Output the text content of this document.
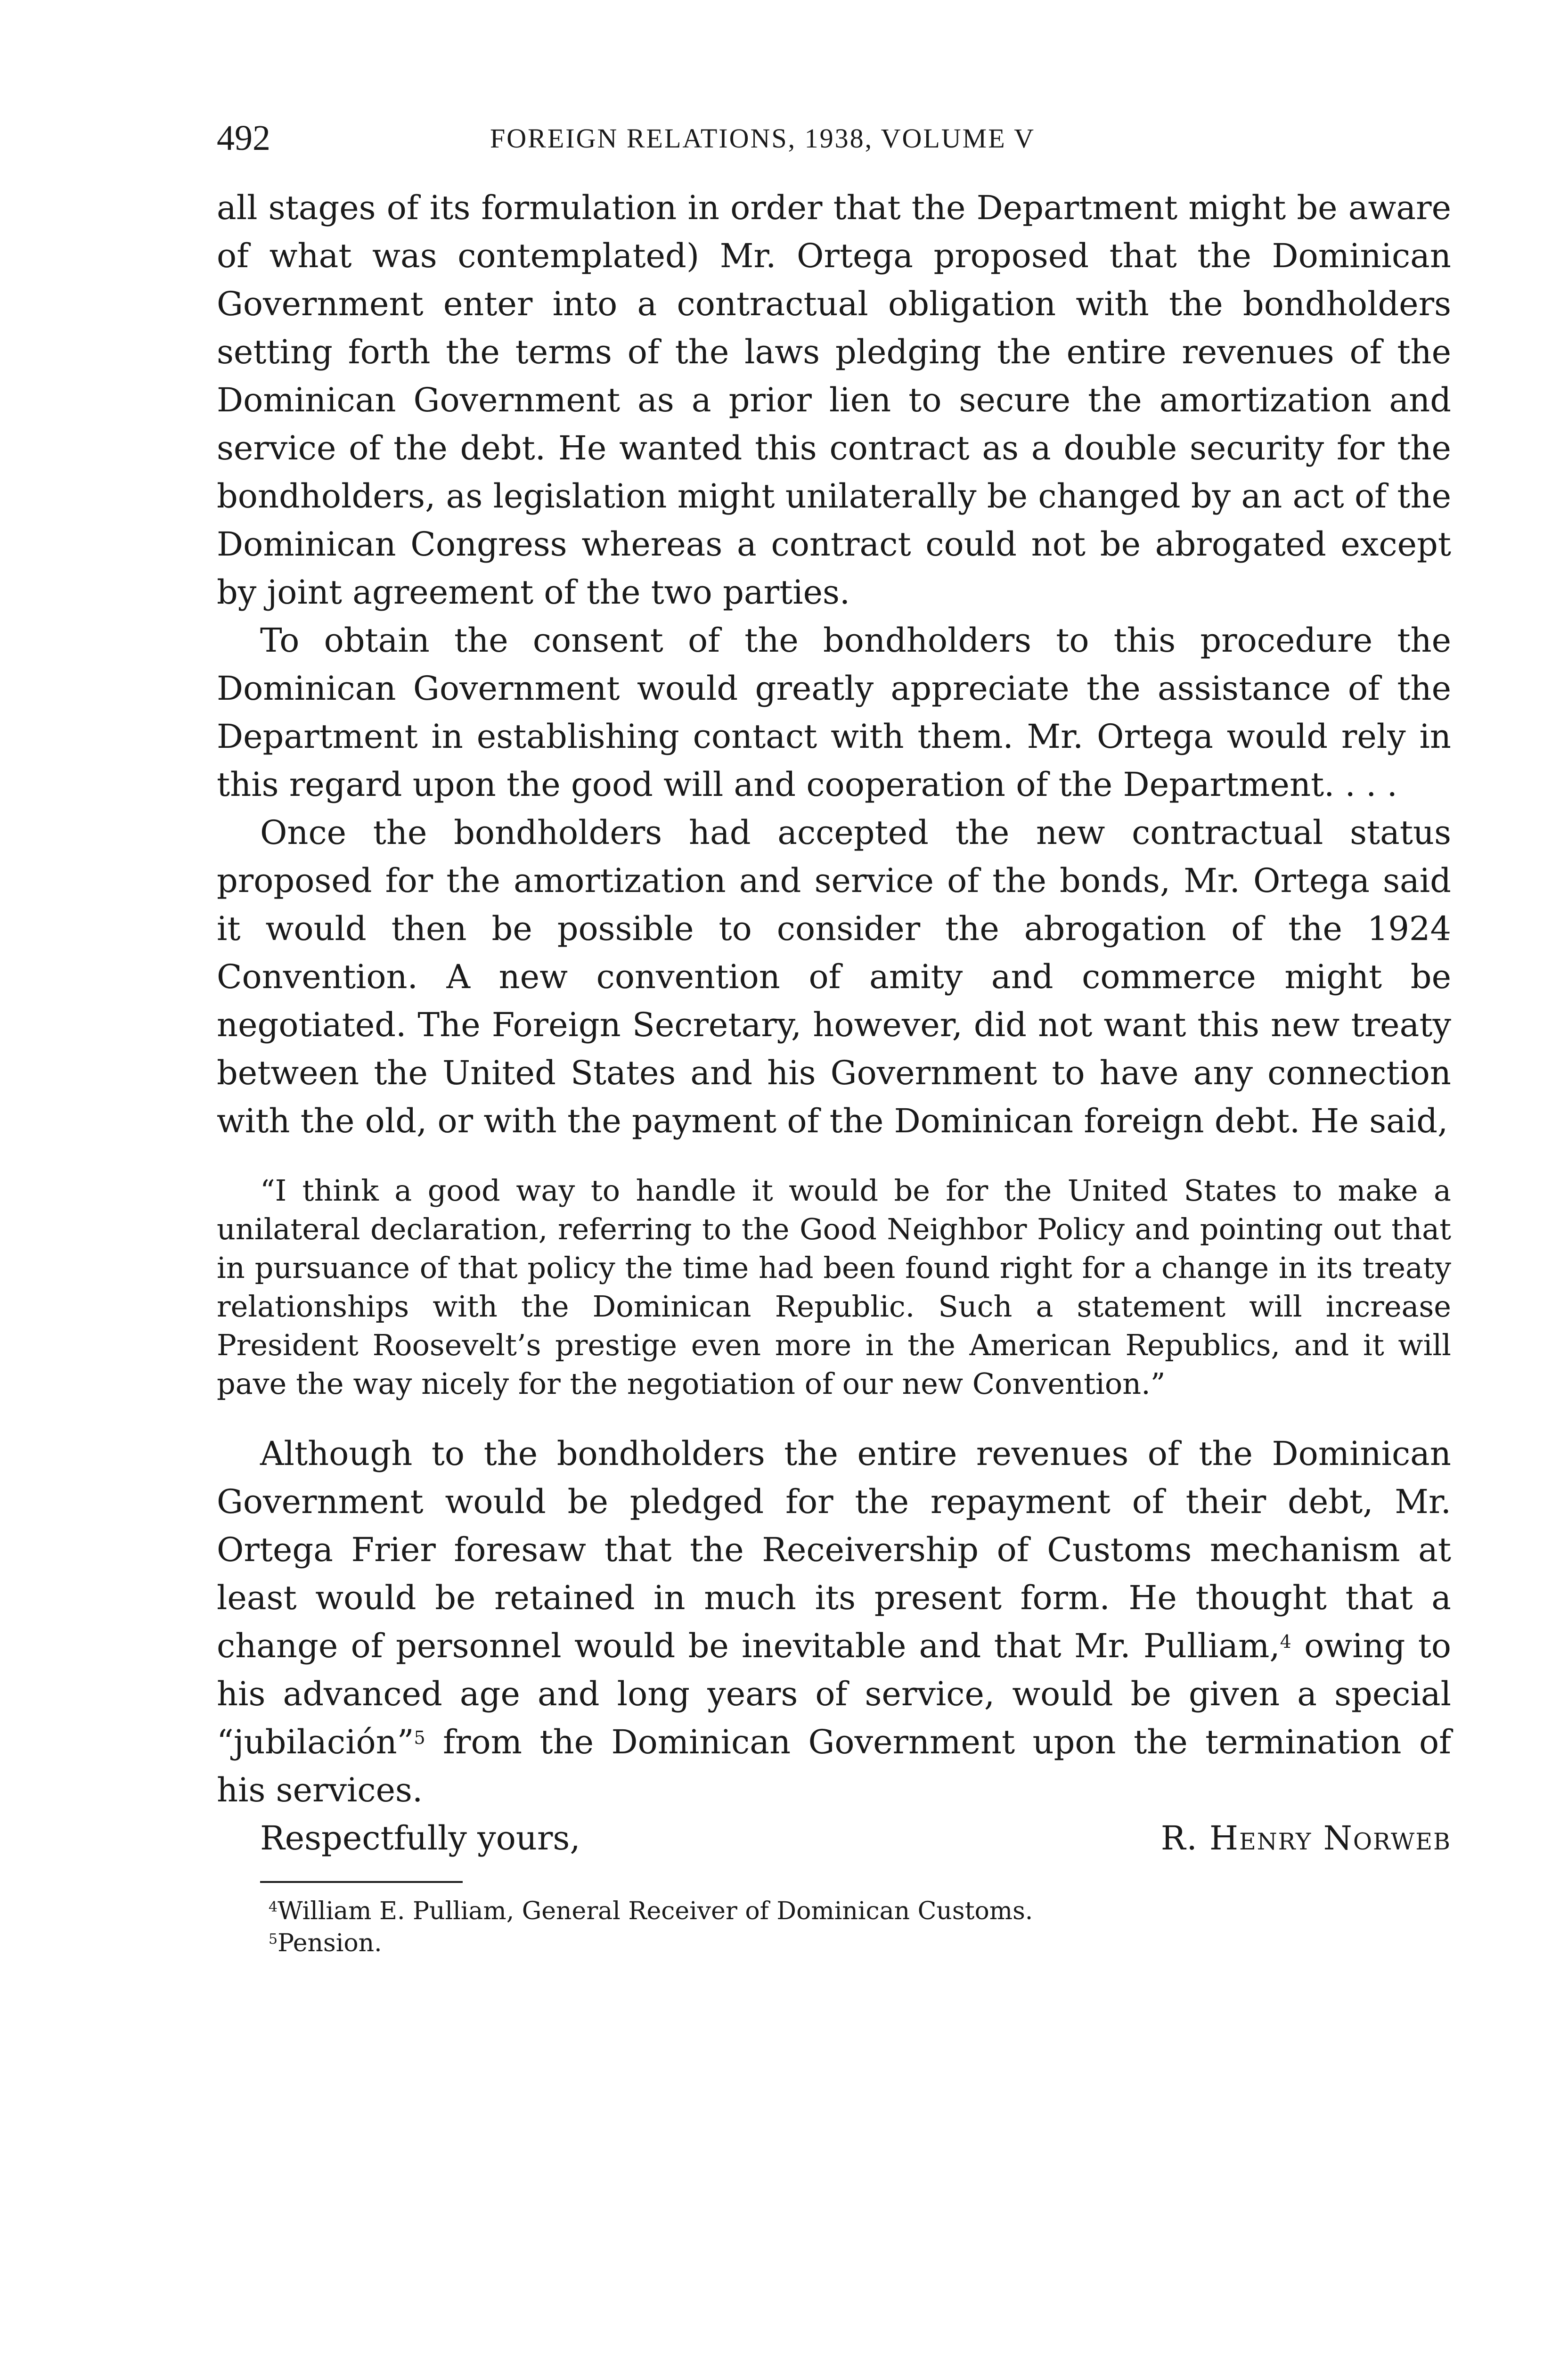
492	FOREIGN RELATIONS, 1938, VOLUME V

all stages of its formulation in order that the Department might be aware of what was contemplated) Mr. Ortega proposed that the Dominican Government enter into a contractual obligation with the bondholders setting forth the terms of the laws pledging the entire revenues of the Dominican Government as a prior lien to secure the amortization and service of the debt. He wanted this contract as a double security for the bondholders, as legislation might unilaterally be changed by an act of the Dominican Congress whereas a contract could not be abrogated except by joint agreement of the two parties.

To obtain the consent of the bondholders to this procedure the Dominican Government would greatly appreciate the assistance of the Department in establishing contact with them. Mr. Ortega would rely in this regard upon the good will and cooperation of the Department. . . .

Once the bondholders had accepted the new contractual status proposed for the amortization and service of the bonds, Mr. Ortega said it would then be possible to consider the abrogation of the 1924 Convention. A new convention of amity and commerce might be negotiated. The Foreign Secretary, however, did not want this new treaty between the United States and his Government to have any connection with the old, or with the payment of the Dominican foreign debt. He said,

“I think a good way to handle it would be for the United States to make a unilateral declaration, referring to the Good Neighbor Policy and pointing out that in pursuance of that policy the time had been found right for a change in its treaty relationships with the Dominican Republic. Such a statement will increase President Roosevelt’s prestige even more in the American Republics, and it will pave the way nicely for the negotiation of our new Convention.”

Although to the bondholders the entire revenues of the Dominican Government would be pledged for the repayment of their debt, Mr. Ortega Frier foresaw that the Receivership of Customs mechanism at least would be retained in much its present form. He thought that a change of personnel would be inevitable and that Mr. Pulliam,$^4$ owing to his advanced age and long years of service, would be given a special “jubilación”$^5$ from the Dominican Government upon the termination of his services.

Respectfully yours,	R. Henry Norweb
$^4$William E. Pulliam, General Receiver of Dominican Customs.
$^5$Pension.
